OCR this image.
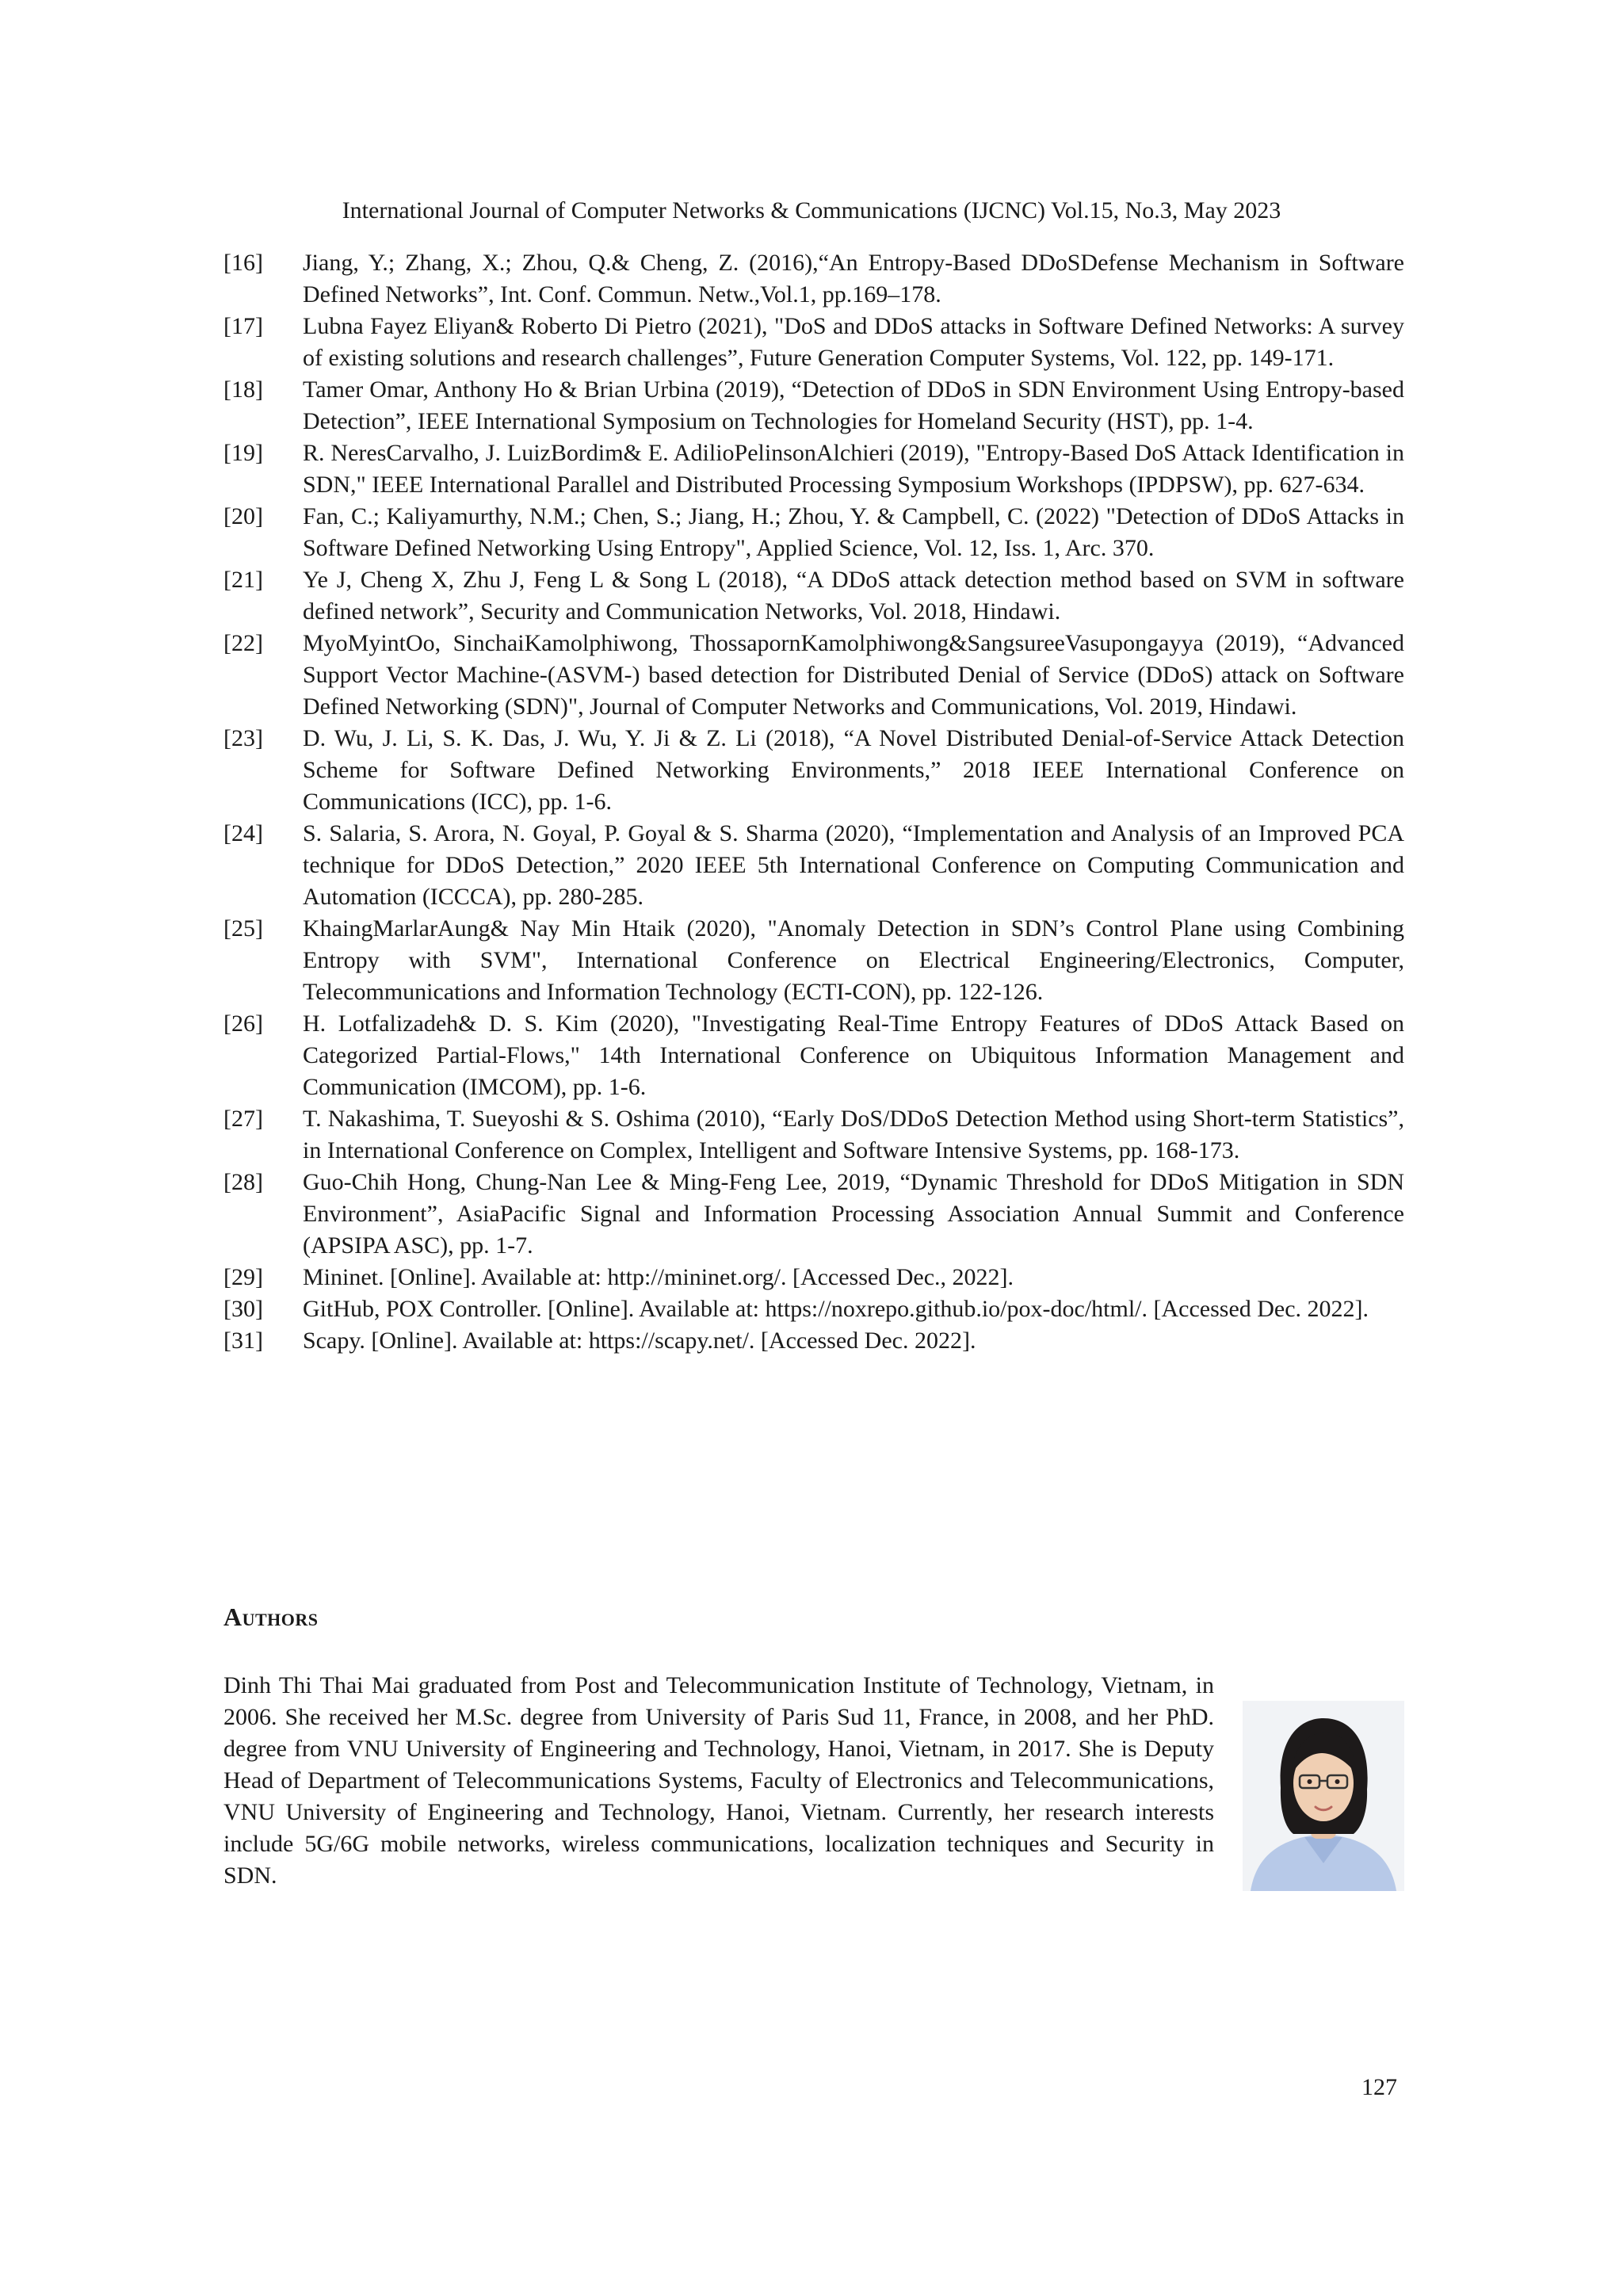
International Journal of Computer Networks & Communications (IJCNC) Vol.15, No.3, May 2023
[16] Jiang, Y.; Zhang, X.; Zhou, Q.& Cheng, Z. (2016),“An Entropy-Based DDoSDefense Mechanism in Software Defined Networks”, Int. Conf. Commun. Netw.,Vol.1, pp.169–178.
[17] Lubna Fayez Eliyan& Roberto Di Pietro (2021), "DoS and DDoS attacks in Software Defined Networks: A survey of existing solutions and research challenges”, Future Generation Computer Systems, Vol. 122, pp. 149-171.
[18] Tamer Omar, Anthony Ho & Brian Urbina (2019), “Detection of DDoS in SDN Environment Using Entropy-based Detection”, IEEE International Symposium on Technologies for Homeland Security (HST), pp. 1-4.
[19] R. NeresCarvalho, J. LuizBordim& E. AdilioPelinsonAlchieri (2019), "Entropy-Based DoS Attack Identification in SDN," IEEE International Parallel and Distributed Processing Symposium Workshops (IPDPSW), pp. 627-634.
[20] Fan, C.; Kaliyamurthy, N.M.; Chen, S.; Jiang, H.; Zhou, Y. & Campbell, C. (2022) "Detection of DDoS Attacks in Software Defined Networking Using Entropy", Applied Science, Vol. 12, Iss. 1, Arc. 370.
[21] Ye J, Cheng X, Zhu J, Feng L & Song L (2018), “A DDoS attack detection method based on SVM in software defined network”, Security and Communication Networks, Vol. 2018, Hindawi.
[22] MyoMyintOo, SinchaiKamolphiwong, ThossapornKamolphiwong&SangsureeVasupongayya (2019), “Advanced Support Vector Machine-(ASVM-) based detection for Distributed Denial of Service (DDoS) attack on Software Defined Networking (SDN)", Journal of Computer Networks and Communications, Vol. 2019, Hindawi.
[23] D. Wu, J. Li, S. K. Das, J. Wu, Y. Ji & Z. Li (2018), “A Novel Distributed Denial-of-Service Attack Detection Scheme for Software Defined Networking Environments,” 2018 IEEE International Conference on Communications (ICC), pp. 1-6.
[24] S. Salaria, S. Arora, N. Goyal, P. Goyal & S. Sharma (2020), “Implementation and Analysis of an Improved PCA technique for DDoS Detection,” 2020 IEEE 5th International Conference on Computing Communication and Automation (ICCCA), pp. 280-285.
[25] KhaingMarlarAung& Nay Min Htaik (2020), "Anomaly Detection in SDN’s Control Plane using Combining Entropy with SVM", International Conference on Electrical Engineering/Electronics, Computer, Telecommunications and Information Technology (ECTI-CON), pp. 122-126.
[26] H. Lotfalizadeh& D. S. Kim (2020), "Investigating Real-Time Entropy Features of DDoS Attack Based on Categorized Partial-Flows," 14th International Conference on Ubiquitous Information Management and Communication (IMCOM), pp. 1-6.
[27] T. Nakashima, T. Sueyoshi & S. Oshima (2010), “Early DoS/DDoS Detection Method using Short-term Statistics”, in International Conference on Complex, Intelligent and Software Intensive Systems, pp. 168-173.
[28] Guo-Chih Hong, Chung-Nan Lee & Ming-Feng Lee, 2019, “Dynamic Threshold for DDoS Mitigation in SDN Environment”, AsiaPacific Signal and Information Processing Association Annual Summit and Conference (APSIPA ASC), pp. 1-7.
[29] Mininet. [Online]. Available at: http://mininet.org/. [Accessed Dec., 2022].
[30] GitHub, POX Controller. [Online]. Available at: https://noxrepo.github.io/pox-doc/html/. [Accessed Dec. 2022].
[31] Scapy. [Online]. Available at: https://scapy.net/. [Accessed Dec. 2022].
Authors

Dinh Thi Thai Mai graduated from Post and Telecommunication Institute of Technology, Vietnam, in 2006. She received her M.Sc. degree from University of Paris Sud 11, France, in 2008, and her PhD. degree from VNU University of Engineering and Technology, Hanoi, Vietnam, in 2017. She is Deputy Head of Department of Telecommunications Systems, Faculty of Electronics and Telecommunications, VNU University of Engineering and Technology, Hanoi, Vietnam. Currently, her research interests include 5G/6G mobile networks, wireless communications, localization techniques and Security in SDN.

127
